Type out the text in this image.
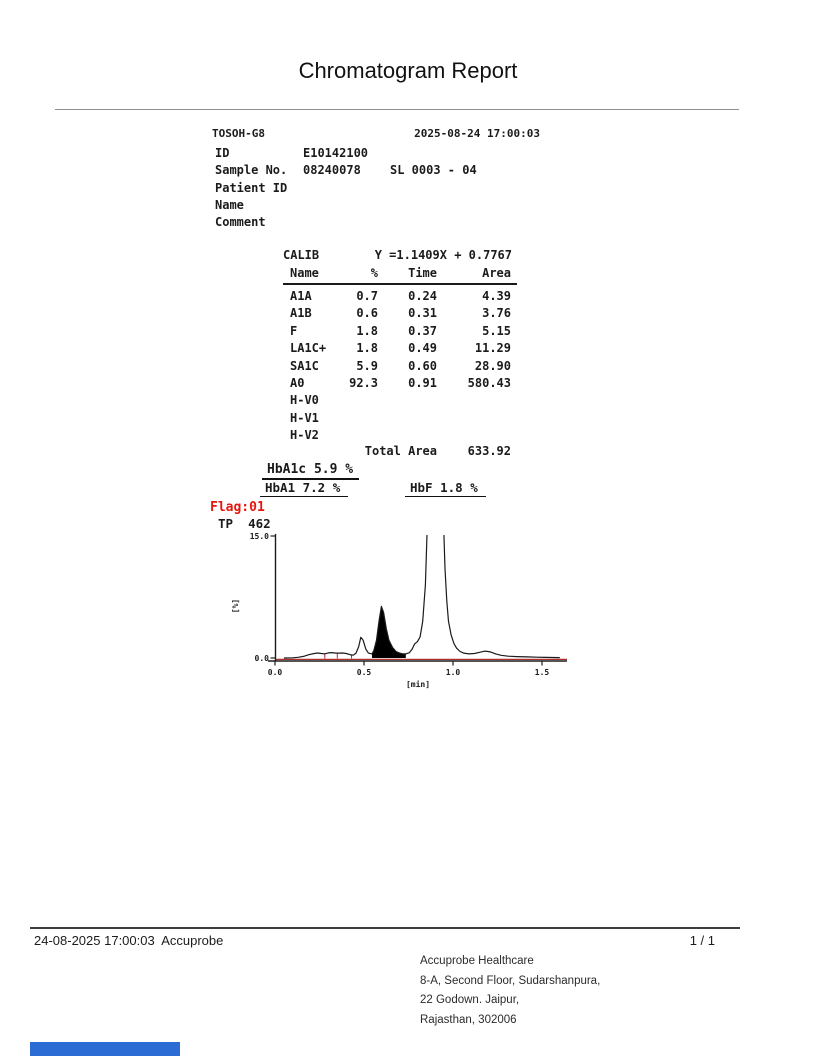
Chromatogram Report
TOSOH-G8	2025-08-24 17:00:03
ID	E10142100
Sample No. 08240078 SL 0003 - 04
Patient ID
Name
Comment
CALIB	Y =1.1409X + 0.7767
Name	%	Time	Area
A1A	0.7	0.24	4.39
A1B	0.6	0.31	3.76
F	1.8	0.37	5.15
LA1C+	1.8	0.49	11.29
SA1C	5.9	0.60	28.90
A0	92.3	0.91	580.43
H-V0
H-V1
H-V2
Total Area	633.92
HbA1c 5.9 %
HbA1 7.2 %	HbF 1.8 %
Flag:01
TP 462
15.0
0.0
0.0	0.5	1.0	1.5
[min]
[%]
24-08-2025 17:00:03  Accuprobe	1 / 1
Accuprobe Healthcare
8-A, Second Floor, Sudarshanpura,
22 Godown. Jaipur,
Rajasthan, 302006
